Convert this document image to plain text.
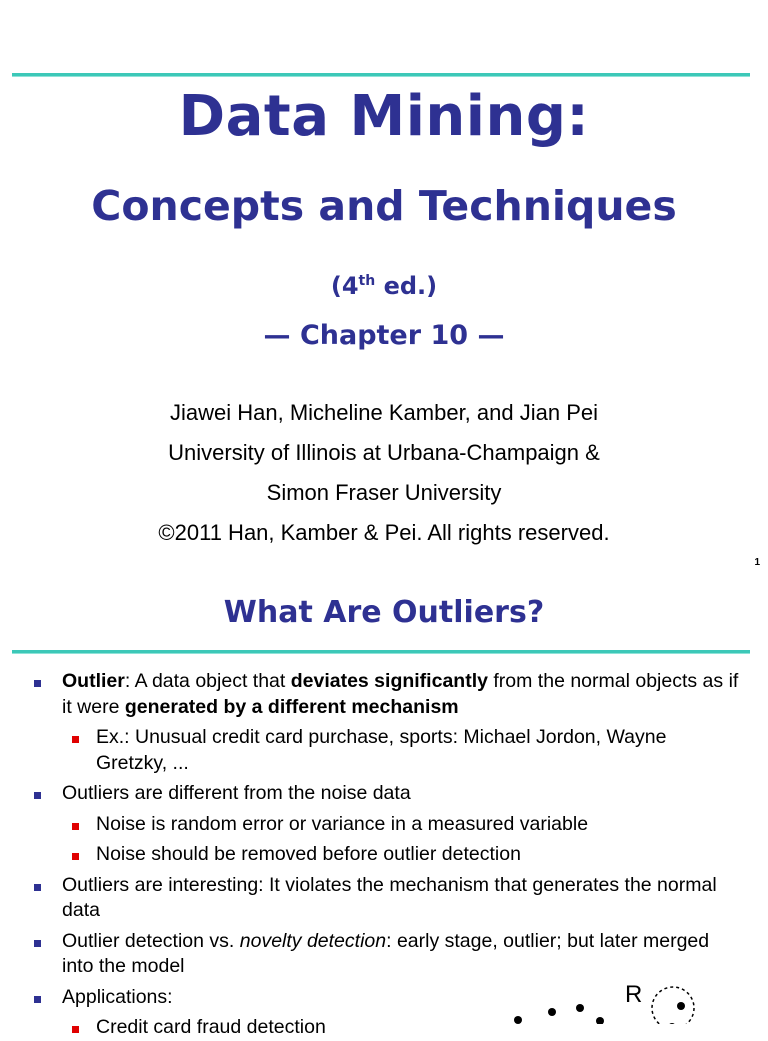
Data Mining:
Concepts and Techniques
(4th ed.)
— Chapter 10 —
Jiawei Han, Micheline Kamber, and Jian Pei
University of Illinois at Urbana-Champaign &
Simon Fraser University
©2011 Han, Kamber & Pei. All rights reserved.
1
What Are Outliers?
Outlier: A data object that deviates significantly from the normal objects as if it were generated by a different mechanism
Ex.: Unusual credit card purchase, sports: Michael Jordon, Wayne Gretzky, ...
Outliers are different from the noise data
Noise is random error or variance in a measured variable
Noise should be removed before outlier detection
Outliers are interesting: It violates the mechanism that generates the normal data
Outlier detection vs. novelty detection: early stage, outlier; but later merged into the model
Applications:
Credit card fraud detection
R
